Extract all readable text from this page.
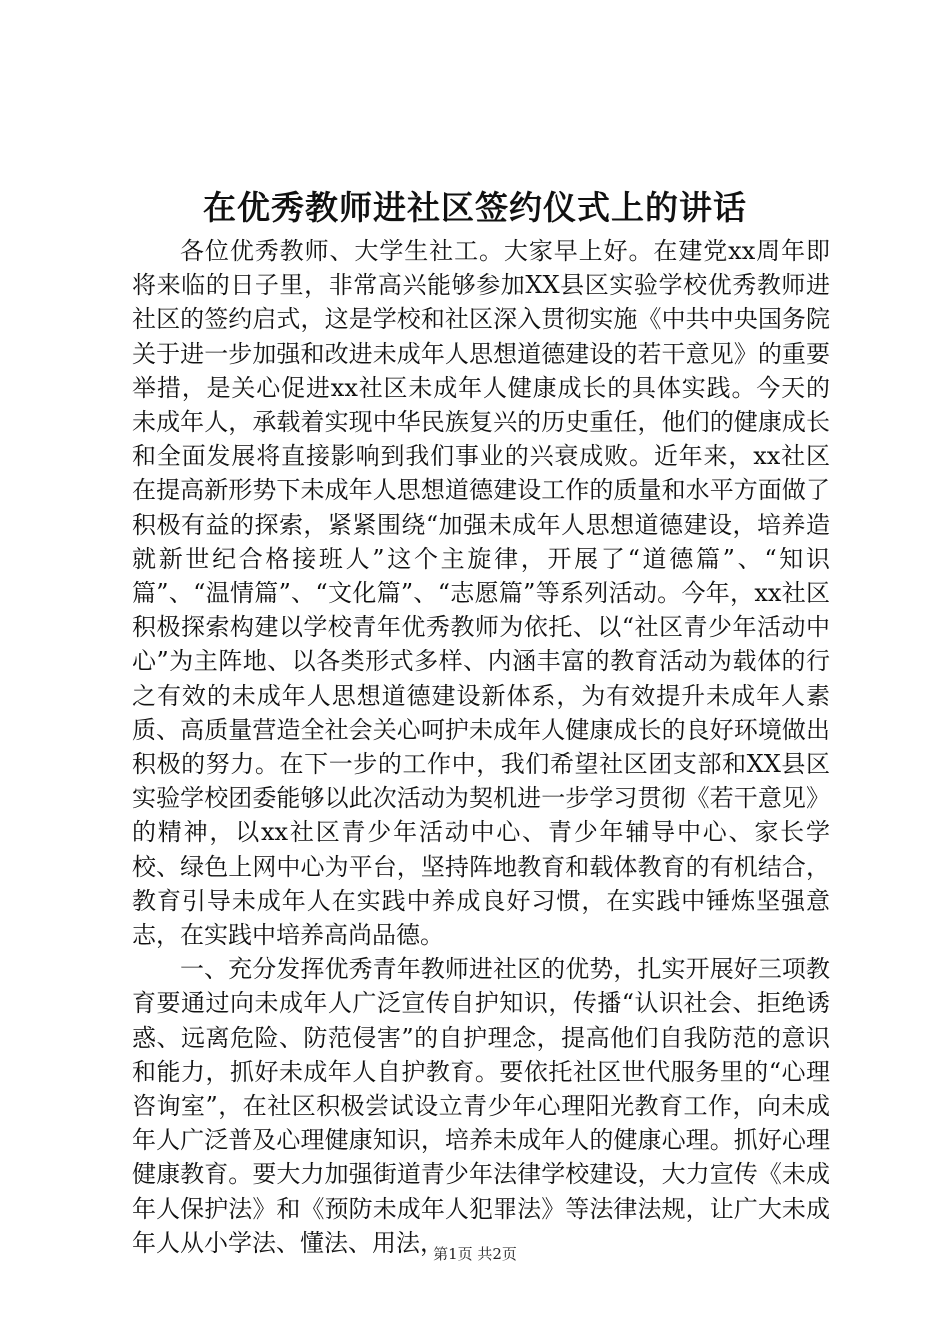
在优秀教师进社区签约仪式上的讲话

各位优秀教师、大学生社工。大家早上好。在建党xx周年即将来临的日子里，非常高兴能够参加XX县区实验学校优秀教师进社区的签约启式，这是学校和社区深入贯彻实施《中共中央国务院关于进一步加强和改进未成年人思想道德建设的若干意见》的重要举措，是关心促进xx社区未成年人健康成长的具体实践。今天的未成年人，承载着实现中华民族复兴的历史重任，他们的健康成长和全面发展将直接影响到我们事业的兴衰成败。近年来，xx社区在提高新形势下未成年人思想道德建设工作的质量和水平方面做了积极有益的探索，紧紧围绕“加强未成年人思想道德建设，培养造就新世纪合格接班人”这个主旋律，开展了“道德篇”、“知识篇”、“温情篇”、“文化篇”、“志愿篇”等系列活动。今年，xx社区积极探索构建以学校青年优秀教师为依托、以“社区青少年活动中心”为主阵地、以各类形式多样、内涵丰富的教育活动为载体的行之有效的未成年人思想道德建设新体系，为有效提升未成年人素质、高质量营造全社会关心呵护未成年人健康成长的良好环境做出积极的努力。在下一步的工作中，我们希望社区团支部和XX县区实验学校团委能够以此次活动为契机进一步学习贯彻《若干意见》的精神，以xx社区青少年活动中心、青少年辅导中心、家长学校、绿色上网中心为平台，坚持阵地教育和载体教育的有机结合，教育引导未成年人在实践中养成良好习惯，在实践中锤炼坚强意志，在实践中培养高尚品德。

一、充分发挥优秀青年教师进社区的优势，扎实开展好三项教育要通过向未成年人广泛宣传自护知识，传播“认识社会、拒绝诱惑、远离危险、防范侵害”的自护理念，提高他们自我防范的意识和能力，抓好未成年人自护教育。要依托社区世代服务里的“心理咨询室”，在社区积极尝试设立青少年心理阳光教育工作，向未成年人广泛普及心理健康知识，培养未成年人的健康心理。抓好心理健康教育。要大力加强街道青少年法律学校建设，大力宣传《未成年人保护法》和《预防未成年人犯罪法》等法律法规，让广大未成年人从小学法、懂法、用法，

第1页 共2页
